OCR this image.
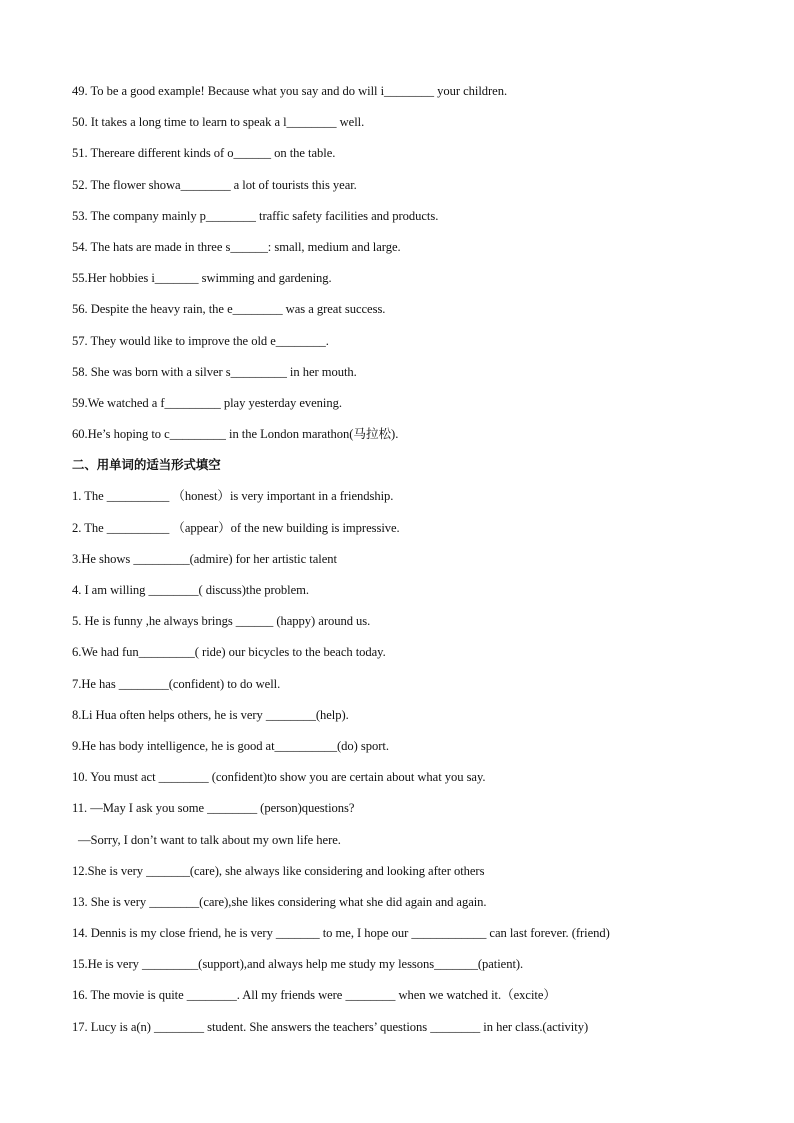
49. To be a good example! Because what you say and do will i________ your children.
50. It takes a long time to learn to speak a l________ well.
51. Thereare different kinds of o______ on the table.
52. The flower showa________ a lot of tourists this year.
53. The company mainly p________ traffic safety facilities and products.
54. The hats are made in three s______: small, medium and large.
55.Her hobbies i_______ swimming and gardening.
56. Despite the heavy rain, the e________ was a great success.
57. They would like to improve the old e________.
58. She was born with a silver s_________ in her mouth.
59.We watched a f_________ play yesterday evening.
60.He’s hoping to c_________ in the London marathon(马拉松).
二、用单词的适当形式填空
1. The __________ （honest）is very important in a friendship.
2. The __________ （appear）of the new building is impressive.
3.He shows _________(admire) for her artistic talent
4. I am willing ________( discuss)the problem.
5. He is funny ,he always brings ______ (happy) around us.
6.We had fun_________( ride) our bicycles to the beach today.
7.He has ________(confident) to do well.
8.Li Hua often helps others, he is very ________(help).
9.He has body intelligence, he is good at__________(do) sport.
10. You must act ________ (confident)to show you are certain about what you say.
11. —May I ask you some ________ (person)questions?
—Sorry, I don’t want to talk about my own life here.
12.She is very _______(care), she always like considering and looking after others
13. She is very ________(care),she likes considering what she did again and again.
14. Dennis is my close friend, he is very _______ to me, I hope our ____________ can last forever. (friend)
15.He is very _________(support),and always help me study my lessons_______(patient).
16. The movie is quite ________. All my friends were ________ when we watched it.（excite）
17. Lucy is a(n) ________ student. She answers the teachers’ questions ________ in her class.(activity)
